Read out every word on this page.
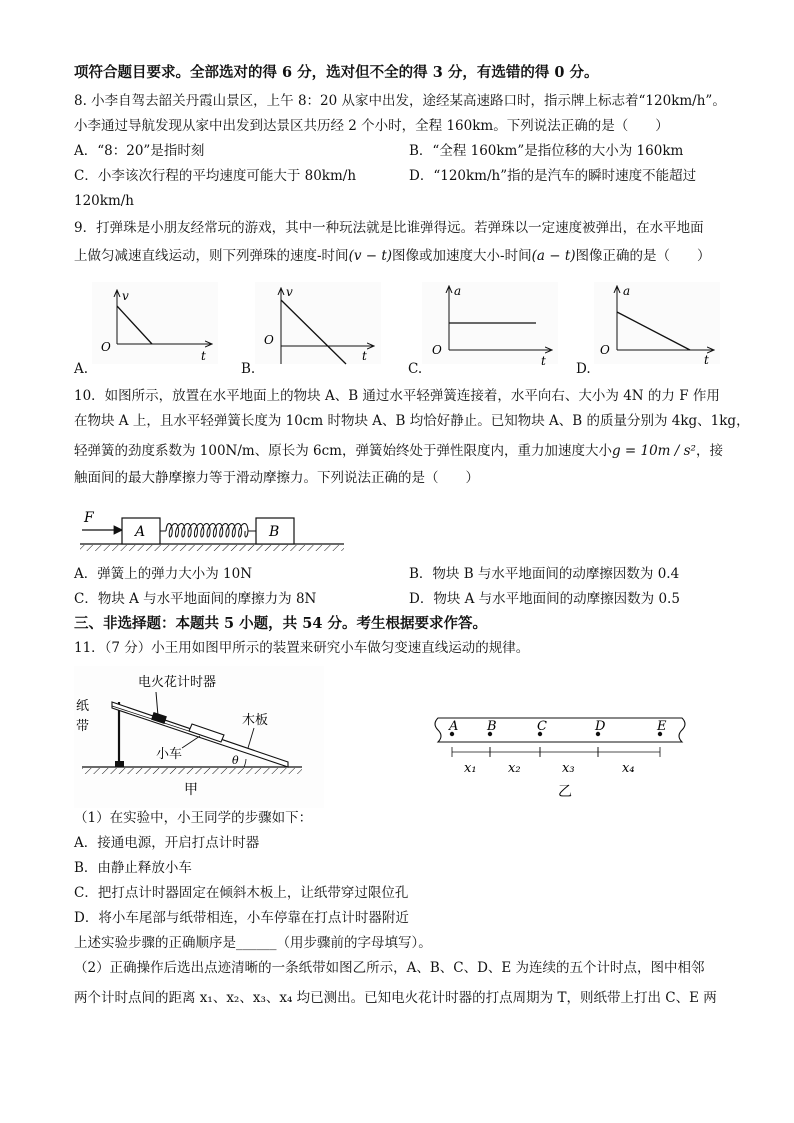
项符合题目要求。全部选对的得 6 分，选对但不全的得 3 分，有选错的得 0 分。
8. 小李自驾去韶关丹霞山景区，上午 8：20 从家中出发，途经某高速路口时，指示牌上标志着“120km/h”。
小李通过导航发现从家中出发到达景区共历经 2 个小时，全程 160km。下列说法正确的是（　　）
A．“8：20”是指时刻	B．“全程 160km”是指位移的大小为 160km
C．小李该次行程的平均速度可能大于 80km/h	D．“120km/h”指的是汽车的瞬时速度不能超过
120km/h
9．打弹珠是小朋友经常玩的游戏，其中一种玩法就是比谁弹得远。若弹珠以一定速度被弹出，在水平地面
上做匀减速直线运动，则下列弹珠的速度-时间(v − t)图像或加速度大小-时间(a − t)图像正确的是（　　）
v
t
O
v
t
O
a
t
O
a
t
O
A.	B.	C.	D.
10．如图所示，放置在水平地面上的物块 A、B 通过水平轻弹簧连接着，水平向右、大小为 4N 的力 F 作用
在物块 A 上，且水平轻弹簧长度为 10cm 时物块 A、B 均恰好静止。已知物块 A、B 的质量分别为 4kg、1kg，
轻弹簧的劲度系数为 100N/m、原长为 6cm，弹簧始终处于弹性限度内，重力加速度大小g = 10m / s²，接
触面间的最大静摩擦力等于滑动摩擦力。下列说法正确的是（　　）
F
A	B
A．弹簧上的弹力大小为 10N	B．物块 B 与水平地面间的动摩擦因数为 0.4
C．物块 A 与水平地面间的摩擦力为 8N	D．物块 A 与水平地面间的动摩擦因数为 0.5
三、非选择题：本题共 5 小题，共 54 分。考生根据要求作答。
11．（7 分）小王用如图甲所示的装置来研究小车做匀变速直线运动的规律。
电火花计时器
纸
带	木板
小车	θ
甲
A B	C	D	E
x₁ x₂	x₃	x₄
乙
（1）在实验中，小王同学的步骤如下：
A．接通电源，开启打点计时器
B．由静止释放小车
C．把打点计时器固定在倾斜木板上，让纸带穿过限位孔
D．将小车尾部与纸带相连，小车停靠在打点计时器附近
上述实验步骤的正确顺序是______（用步骤前的字母填写）。
（2）正确操作后选出点迹清晰的一条纸带如图乙所示，A、B、C、D、E 为连续的五个计时点，图中相邻
两个计时点间的距离 x₁、x₂、x₃、x₄ 均已测出。已知电火花计时器的打点周期为 T，则纸带上打出 C、E 两
